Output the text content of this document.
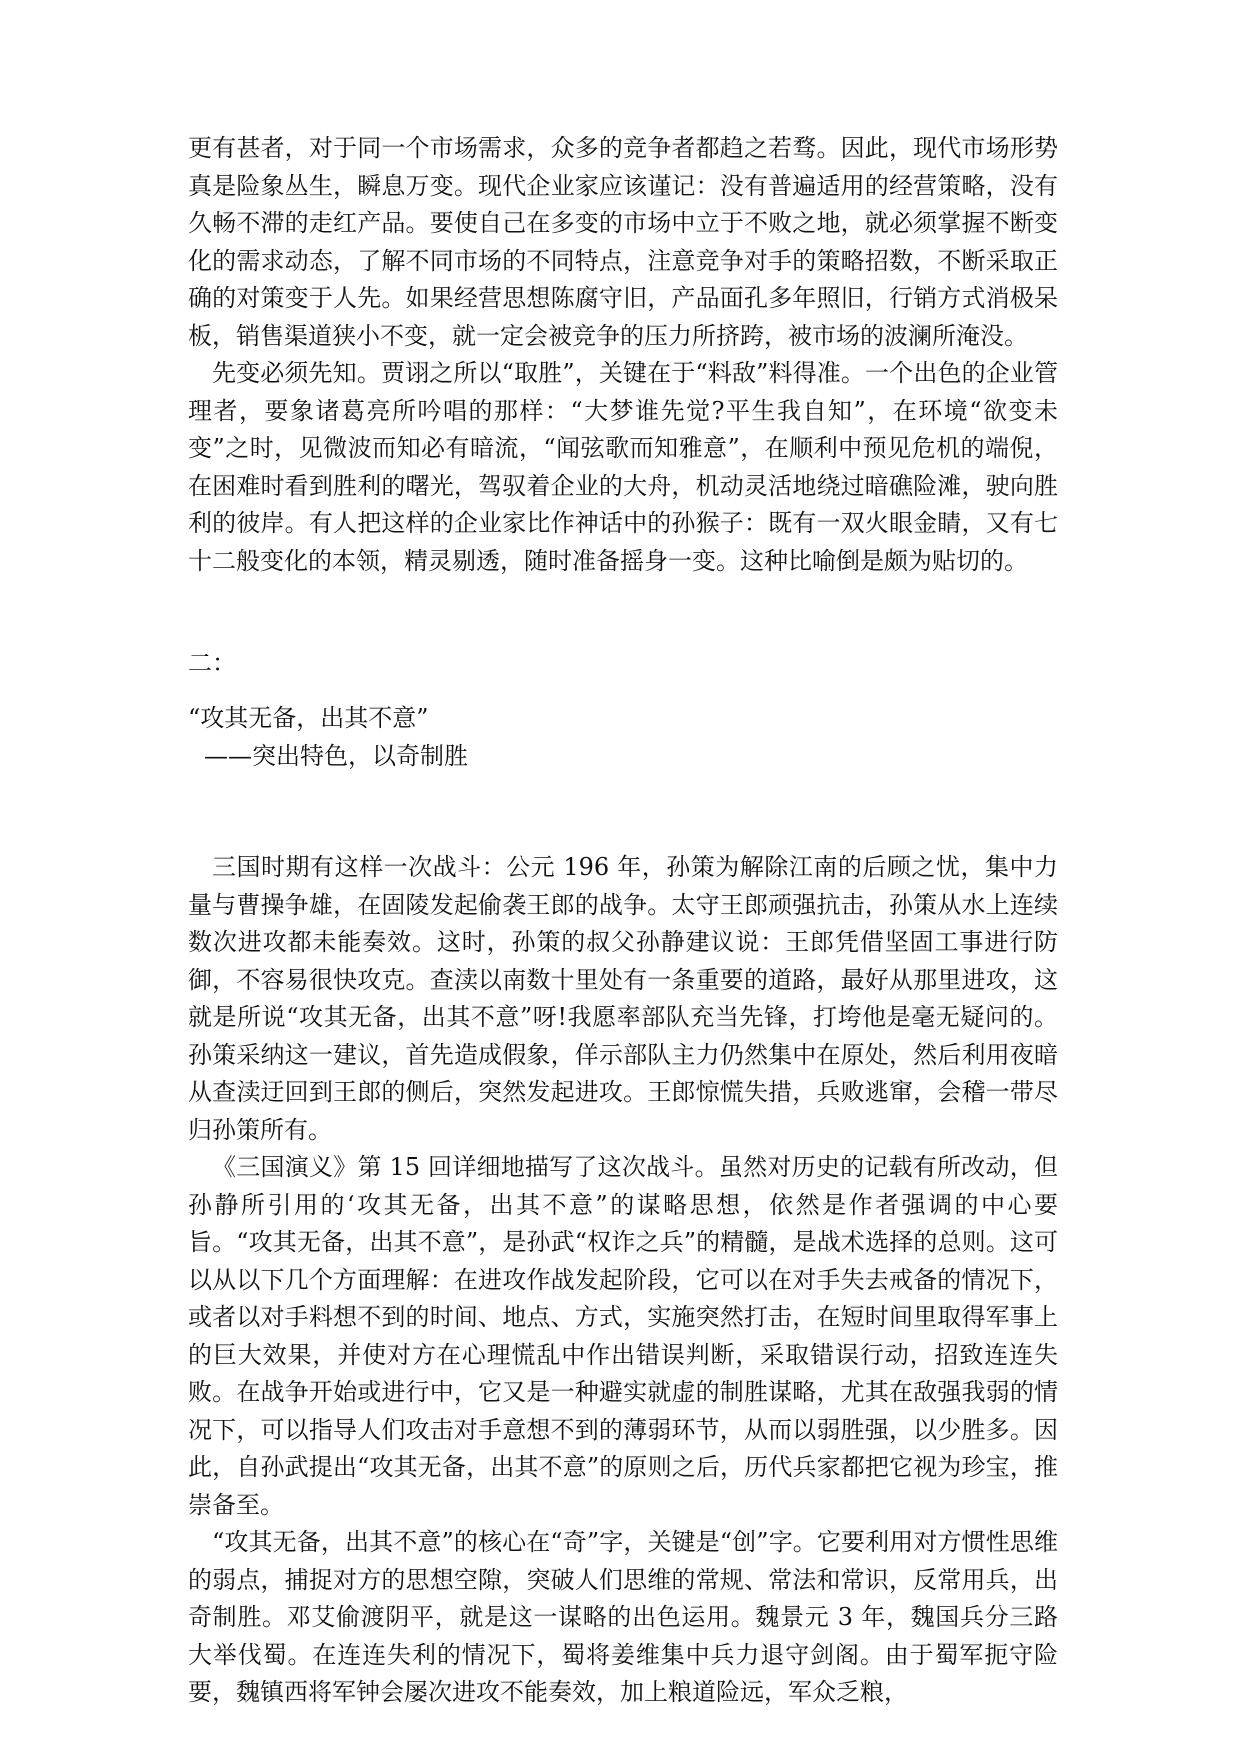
更有甚者，对于同一个市场需求，众多的竞争者都趋之若骛。因此，现代市场形势真是险象丛生，瞬息万变。现代企业家应该谨记：没有普遍适用的经营策略，没有久畅不滞的走红产品。要使自己在多变的市场中立于不败之地，就必须掌握不断变化的需求动态，了解不同市场的不同特点，注意竞争对手的策略招数，不断采取正确的对策变于人先。如果经营思想陈腐守旧，产品面孔多年照旧，行销方式消极呆板，销售渠道狭小不变，就一定会被竞争的压力所挤跨，被市场的波澜所淹没。

先变必须先知。贾诩之所以“取胜”，关键在于“料敌”料得准。一个出色的企业管理者，要象诸葛亮所吟唱的那样：“大梦谁先觉?平生我自知”，在环境“欲变未变”之时，见微波而知必有暗流，“闻弦歌而知雅意”，在顺利中预见危机的端倪，在困难时看到胜利的曙光，驾驭着企业的大舟，机动灵活地绕过暗礁险滩，驶向胜利的彼岸。有人把这样的企业家比作神话中的孙猴子：既有一双火眼金睛，又有七十二般变化的本领，精灵剔透，随时准备摇身一变。这种比喻倒是颇为贴切的。

二：
“攻其无备，出其不意”
——突出特色，以奇制胜

三国时期有这样一次战斗：公元 196 年，孙策为解除江南的后顾之忧，集中力量与曹操争雄，在固陵发起偷袭王郎的战争。太守王郎顽强抗击，孙策从水上连续数次进攻都未能奏效。这时，孙策的叔父孙静建议说：王郎凭借坚固工事进行防御，不容易很快攻克。查渎以南数十里处有一条重要的道路，最好从那里进攻，这就是所说“攻其无备，出其不意”呀!我愿率部队充当先锋，打垮他是毫无疑问的。孙策采纳这一建议，首先造成假象，佯示部队主力仍然集中在原处，然后利用夜暗从查渎迂回到王郎的侧后，突然发起进攻。王郎惊慌失措，兵败逃窜，会稽一带尽归孙策所有。

《三国演义》第 15 回详细地描写了这次战斗。虽然对历史的记载有所改动，但孙静所引用的‘攻其无备，出其不意”的谋略思想，依然是作者强调的中心要旨。“攻其无备，出其不意”，是孙武“权诈之兵”的精髓，是战术选择的总则。这可以从以下几个方面理解：在进攻作战发起阶段，它可以在对手失去戒备的情况下，或者以对手料想不到的时间、地点、方式，实施突然打击，在短时间里取得军事上的巨大效果，并使对方在心理慌乱中作出错误判断，采取错误行动，招致连连失败。在战争开始或进行中，它又是一种避实就虚的制胜谋略，尤其在敌强我弱的情况下，可以指导人们攻击对手意想不到的薄弱环节，从而以弱胜强，以少胜多。因此，自孙武提出“攻其无备，出其不意”的原则之后，历代兵家都把它视为珍宝，推崇备至。

“攻其无备，出其不意”的核心在“奇”字，关键是“创”字。它要利用对方惯性思维的弱点，捕捉对方的思想空隙，突破人们思维的常规、常法和常识，反常用兵，出奇制胜。邓艾偷渡阴平，就是这一谋略的出色运用。魏景元 3 年，魏国兵分三路大举伐蜀。在连连失利的情况下，蜀将姜维集中兵力退守剑阁。由于蜀军扼守险要，魏镇西将军钟会屡次进攻不能奏效，加上粮道险远，军众乏粮，
